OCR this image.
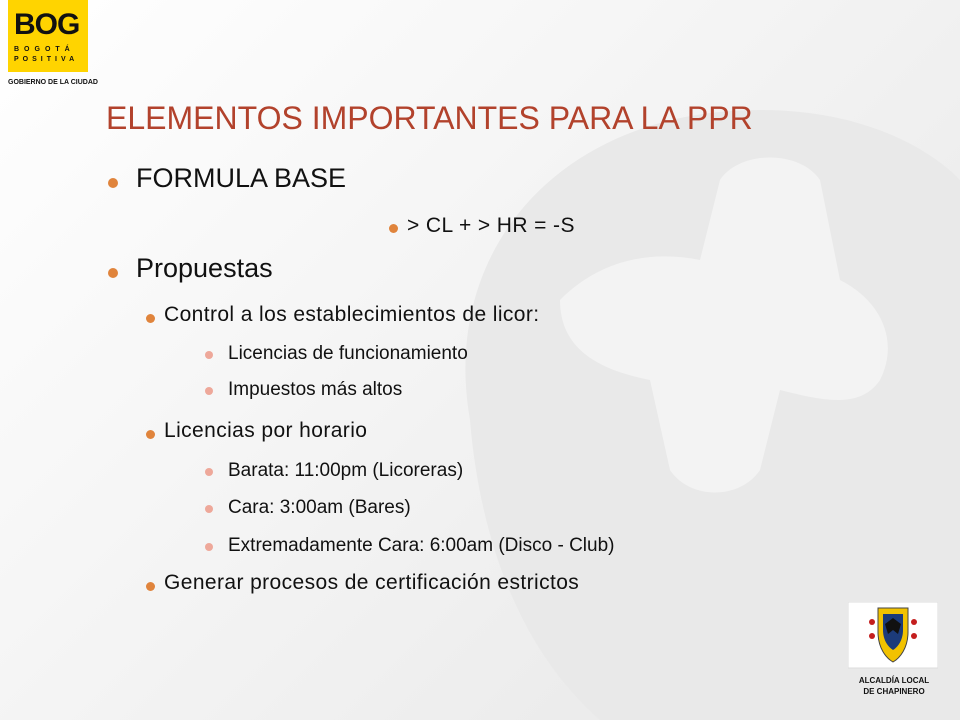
BOG
BOGOTÁ
POSITIVA
GOBIERNO DE LA CIUDAD
ELEMENTOS IMPORTANTES PARA LA PPR
FORMULA BASE
> CL + > HR = -S
Propuestas
Control a los establecimientos de licor:
Licencias de funcionamiento
Impuestos más altos
Licencias por horario
Barata: 11:00pm (Licoreras)
Cara: 3:00am (Bares)
Extremadamente Cara: 6:00am (Disco - Club)
Generar procesos de certificación estrictos
ALCALDÍA LOCAL
DE CHAPINERO
